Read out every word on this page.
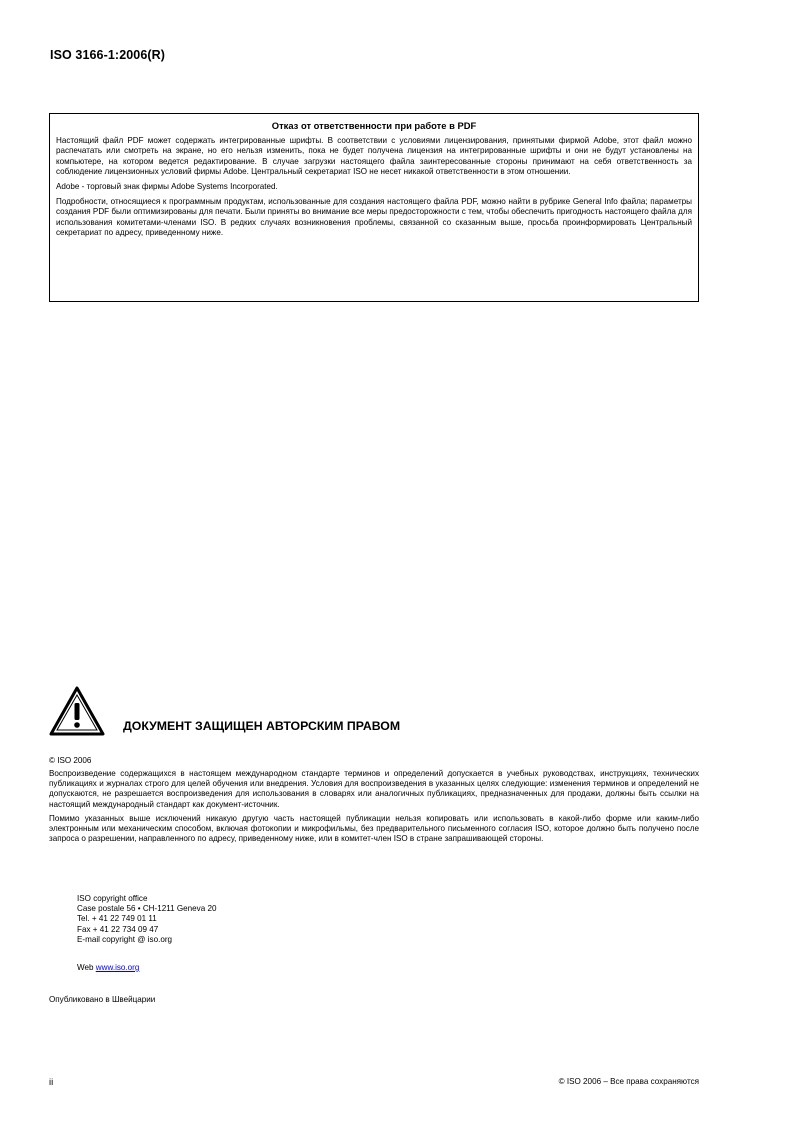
ISO 3166-1:2006(R)
Отказ от ответственности при работе в PDF

Настоящий файл PDF может содержать интегрированные шрифты. В соответствии с условиями лицензирования, принятыми фирмой Adobe, этот файл можно распечатать или смотреть на экране, но его нельзя изменить, пока не будет получена лицензия на интегрированные шрифты и они не будут установлены на компьютере, на котором ведется редактирование. В случае загрузки настоящего файла заинтересованные стороны принимают на себя ответственность за соблюдение лицензионных условий фирмы Adobe. Центральный секретариат ISO не несет никакой ответственности в этом отношении.

Adobe - торговый знак фирмы Adobe Systems Incorporated.

Подробности, относящиеся к программным продуктам, использованные для создания настоящего файла PDF, можно найти в рубрике General Info файла; параметры создания PDF были оптимизированы для печати. Были приняты во внимание все меры предосторожности с тем, чтобы обеспечить пригодность настоящего файла для использования комитетами-членами ISO. В редких случаях возникновения проблемы, связанной со сказанным выше, просьба проинформировать Центральный секретариат по адресу, приведенному ниже.

ДОКУМЕНТ ЗАЩИЩЕН АВТОРСКИМ ПРАВОМ
© ISO 2006

Воспроизведение содержащихся в настоящем международном стандарте терминов и определений допускается в учебных руководствах, инструкциях, технических публикациях и журналах строго для целей обучения или внедрения. Условия для воспроизведения в указанных целях следующие: изменения терминов и определений не допускаются, не разрешается воспроизведения для использования в словарях или аналогичных публикациях, предназначенных для продажи, должны быть ссылки на настоящий международный стандарт как документ-источник.

Помимо указанных выше исключений никакую другую часть настоящей публикации нельзя копировать или использовать в какой-либо форме или каким-либо электронным или механическим способом, включая фотокопии и микрофильмы, без предварительного письменного согласия ISO, которое должно быть получено после запроса о разрешении, направленного по адресу, приведенному ниже, или в комитет-член ISO в стране запрашивающей стороны.

ISO copyright office
Case postale 56 • CH-1211 Geneva 20
Tel. + 41 22 749 01 11
Fax + 41 22 734 09 47
E-mail copyright @ iso.org
Web www.iso.org
Опубликовано в Швейцарии
ii	© ISO 2006 – Все права сохраняются
